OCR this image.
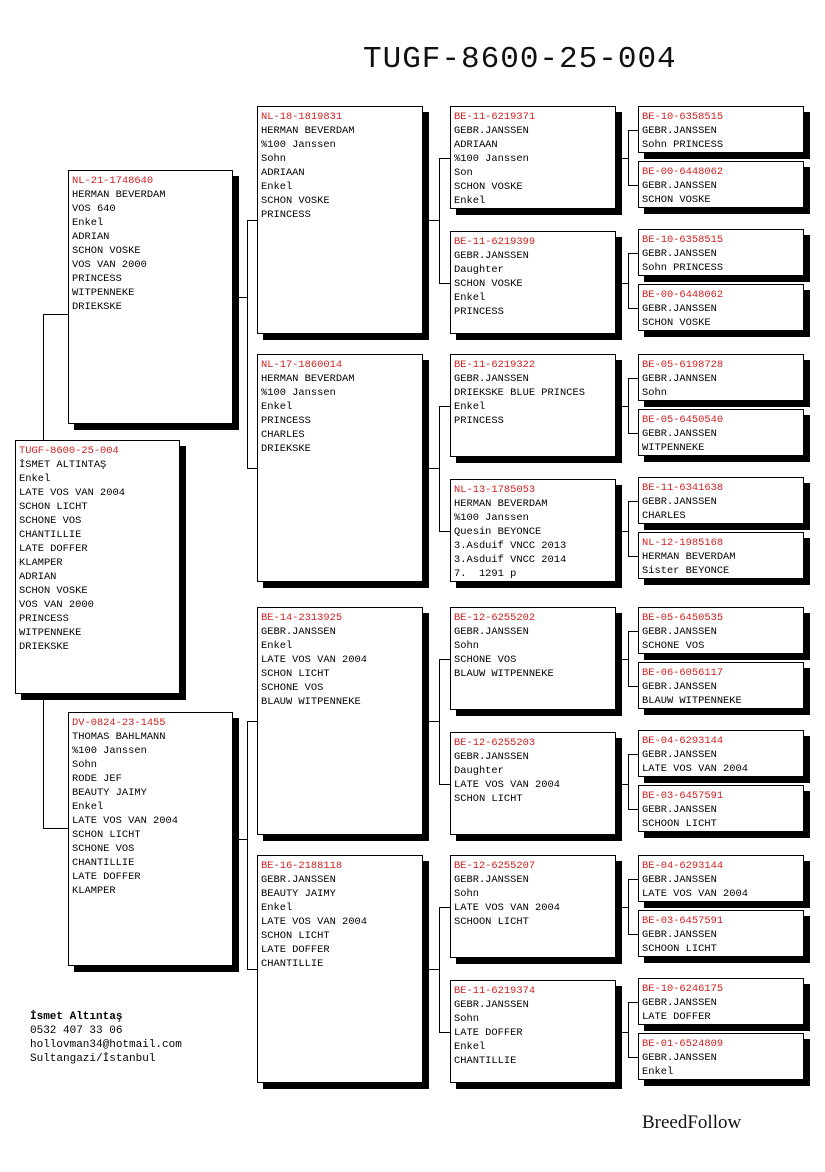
TUGF-8600-25-004
TUGF-8600-25-004
İSMET ALTINTAŞ
Enkel
LATE VOS VAN 2004
SCHON LICHT
SCHONE VOS
CHANTILLIE
LATE DOFFER
KLAMPER
ADRIAN
SCHON VOSKE
VOS VAN 2000
PRINCESS
WITPENNEKE
DRIEKSKE
NL-21-1748640
HERMAN BEVERDAM
VOS 640
Enkel
ADRIAN
SCHON VOSKE
VOS VAN 2000
PRINCESS
WITPENNEKE
DRIEKSKE
DV-0824-23-1455
THOMAS BAHLMANN
%100 Janssen
Sohn
RODE JEF
BEAUTY JAIMY
Enkel
LATE VOS VAN 2004
SCHON LICHT
SCHONE VOS
CHANTILLIE
LATE DOFFER
KLAMPER
NL-18-1819831
HERMAN BEVERDAM
%100 Janssen
Sohn
ADRIAAN
Enkel
SCHON VOSKE
PRINCESS
NL-17-1860014
HERMAN BEVERDAM
%100 Janssen
Enkel
PRINCESS
CHARLES
DRIEKSKE
BE-14-2313925
GEBR.JANSSEN
Enkel
LATE VOS VAN 2004
SCHON LICHT
SCHONE VOS
BLAUW WITPENNEKE
BE-16-2188118
GEBR.JANSSEN
BEAUTY JAIMY
Enkel
LATE VOS VAN 2004
SCHON LICHT
LATE DOFFER
CHANTILLIE
BE-11-6219371
GEBR.JANSSEN
ADRIAAN
%100 Janssen
Son
SCHON VOSKE
Enkel
BE-11-6219399
GEBR.JANSSEN
Daughter
SCHON VOSKE
Enkel
PRINCESS
BE-11-6219322
GEBR.JANSSEN
DRIEKSKE BLUE PRINCES
Enkel
PRINCESS
NL-13-1785053
HERMAN BEVERDAM
%100 Janssen
Quesin BEYONCE
3.Asduif VNCC 2013
3.Asduif VNCC 2014
7.  1291 p
BE-12-6255202
GEBR.JANSSEN
Sohn
SCHONE VOS
BLAUW WITPENNEKE
BE-12-6255203
GEBR.JANSSEN
Daughter
LATE VOS VAN 2004
SCHON LICHT
BE-12-6255207
GEBR.JANSSEN
Sohn
LATE VOS VAN 2004
SCHOON LICHT
BE-11-6219374
GEBR.JANSSEN
Sohn
LATE DOFFER
Enkel
CHANTILLIE
BE-10-6358515
GEBR.JANSSEN
Sohn PRINCESS
BE-00-6448062
GEBR.JANSSEN
SCHON VOSKE
BE-10-6358515
GEBR.JANSSEN
Sohn PRINCESS
BE-00-6448062
GEBR.JANSSEN
SCHON VOSKE
BE-05-6198728
GEBR.JANNSEN
Sohn
BE-05-6450540
GEBR.JANSSEN
WITPENNEKE
BE-11-6341638
GEBR.JANSSEN
CHARLES
NL-12-1985168
HERMAN BEVERDAM
Sister BEYONCE
BE-05-6450535
GEBR.JANSSEN
SCHONE VOS
BE-06-6056117
GEBR.JANSSEN
BLAUW WITPENNEKE
BE-04-6293144
GEBR.JANSSEN
LATE VOS VAN 2004
BE-03-6457591
GEBR.JANSSEN
SCHOON LICHT
BE-04-6293144
GEBR.JANSSEN
LATE VOS VAN 2004
BE-03-6457591
GEBR.JANSSEN
SCHOON LICHT
BE-10-6246175
GEBR.JANSSEN
LATE DOFFER
BE-01-6524809
GEBR.JANSSEN
Enkel
İsmet Altıntaş
0532 407 33 06
hollovman34@hotmail.com
Sultangazi/İstanbul
BreedFollow
